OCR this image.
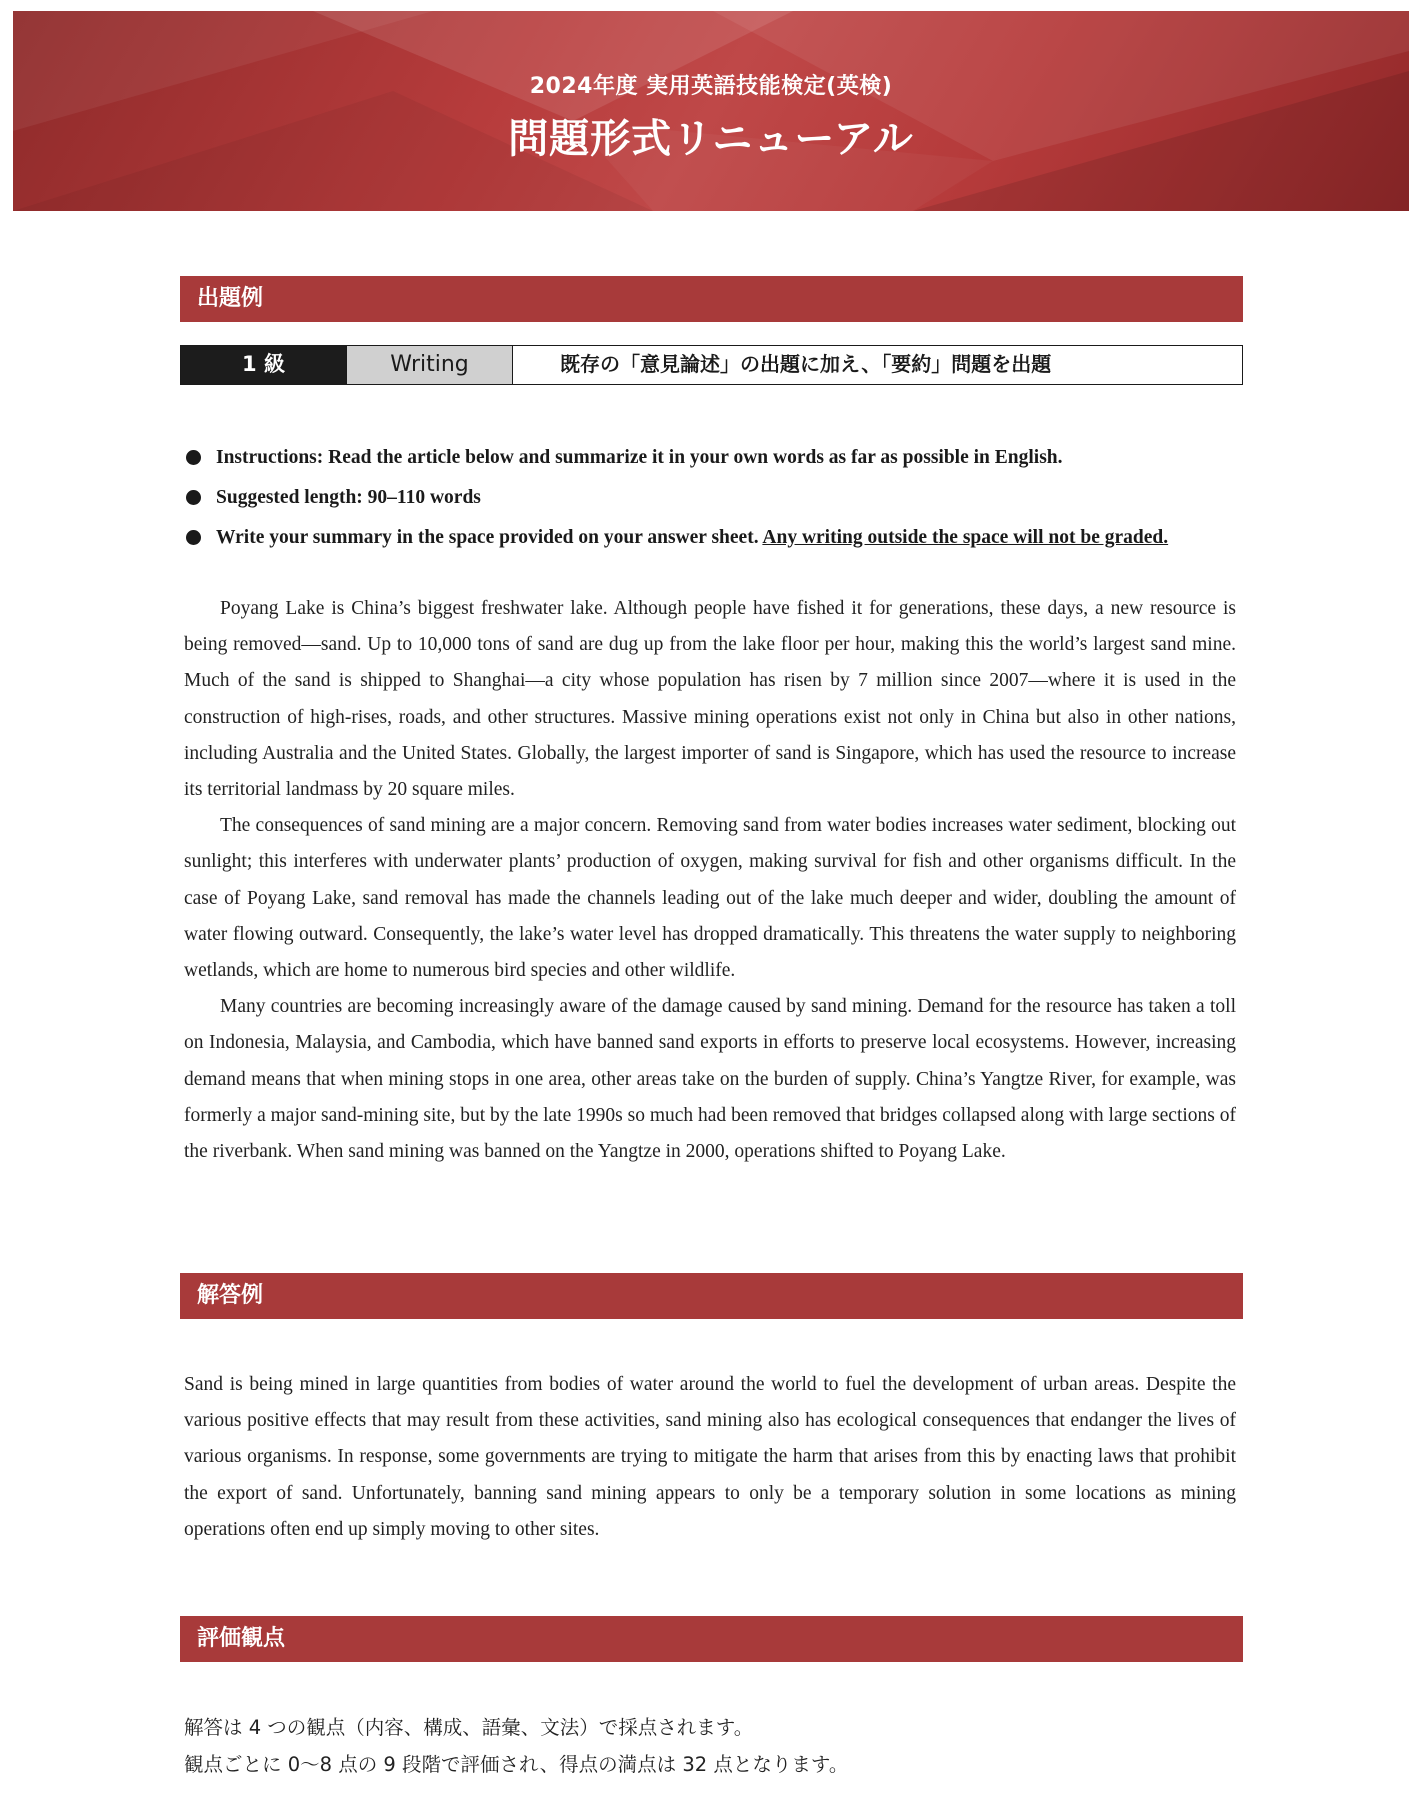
2024年度 実用英語技能検定(英検)
問題形式リニューアル
出題例
1 級	Writing	既存の「意見論述」の出題に加え、「要約」問題を出題
Instructions: Read the article below and summarize it in your own words as far as possible in English.
Suggested length: 90–110 words
Write your summary in the space provided on your answer sheet. Any writing outside the space will not be graded.

Poyang Lake is China’s biggest freshwater lake. Although people have fished it for generations, these days, a new resource is being removed—sand. Up to 10,000 tons of sand are dug up from the lake floor per hour, making this the world’s largest sand mine. Much of the sand is shipped to Shanghai—a city whose population has risen by 7 million since 2007—where it is used in the construction of high-rises, roads, and other structures. Massive mining operations exist not only in China but also in other nations, including Australia and the United States. Globally, the largest importer of sand is Singapore, which has used the resource to increase its territorial landmass by 20 square miles.

The consequences of sand mining are a major concern. Removing sand from water bodies increases water sediment, blocking out sunlight; this interferes with underwater plants’ production of oxygen, making survival for fish and other organisms difficult. In the case of Poyang Lake, sand removal has made the channels leading out of the lake much deeper and wider, doubling the amount of water flowing outward. Consequently, the lake’s water level has dropped dramatically. This threatens the water supply to neighboring wetlands, which are home to numerous bird species and other wildlife.

Many countries are becoming increasingly aware of the damage caused by sand mining. Demand for the resource has taken a toll on Indonesia, Malaysia, and Cambodia, which have banned sand exports in efforts to preserve local ecosystems. However, increasing demand means that when mining stops in one area, other areas take on the burden of supply. China’s Yangtze River, for example, was formerly a major sand-mining site, but by the late 1990s so much had been removed that bridges collapsed along with large sections of the riverbank. When sand mining was banned on the Yangtze in 2000, operations shifted to Poyang Lake.

解答例

Sand is being mined in large quantities from bodies of water around the world to fuel the development of urban areas. Despite the various positive effects that may result from these activities, sand mining also has ecological consequences that endanger the lives of various organisms. In response, some governments are trying to mitigate the harm that arises from this by enacting laws that prohibit the export of sand. Unfortunately, banning sand mining appears to only be a temporary solution in some locations as mining operations often end up simply moving to other sites.

評価観点

解答は 4 つの観点（内容、構成、語彙、文法）で採点されます。

観点ごとに 0〜8 点の 9 段階で評価され、得点の満点は 32 点となります。
